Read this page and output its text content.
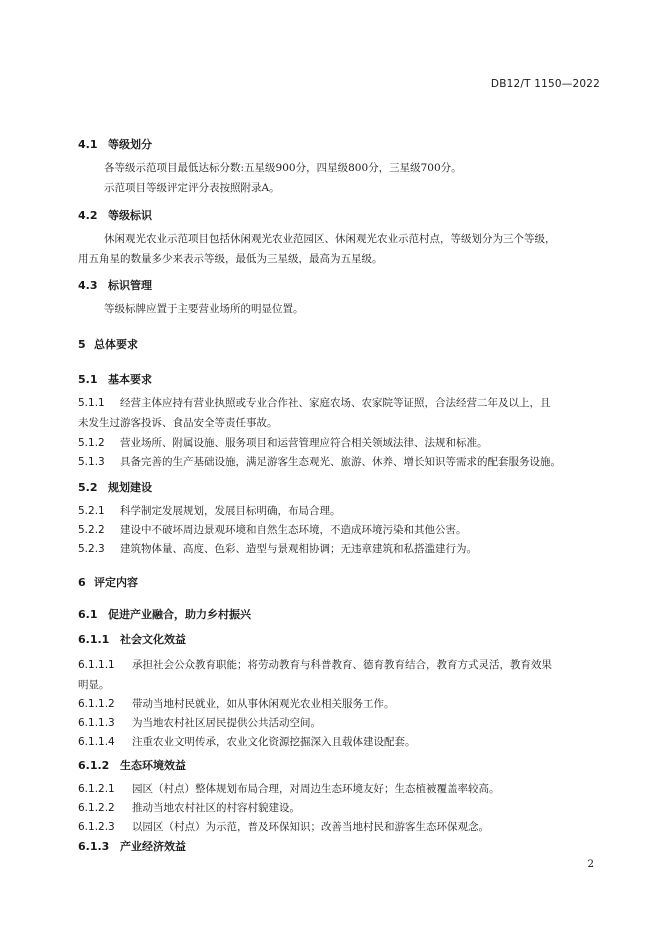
DB12/T 1150—2022
4.1 等级划分
各等级示范项目最低达标分数:五星级900分，四星级800分，三星级700分。
示范项目等级评定评分表按照附录A。
4.2 等级标识
休闲观光农业示范项目包括休闲观光农业范园区、休闲观光农业示范村点，等级划分为三个等级，
用五角星的数量多少来表示等级，最低为三星级，最高为五星级。
4.3 标识管理
等级标牌应置于主要营业场所的明显位置。
5 总体要求
5.1 基本要求
5.1.1 经营主体应持有营业执照或专业合作社、家庭农场、农家院等证照，合法经营二年及以上，且
未发生过游客投诉、食品安全等责任事故。
5.1.2 营业场所、附属设施、服务项目和运营管理应符合相关领域法律、法规和标准。
5.1.3 具备完善的生产基础设施，满足游客生态观光、旅游、休养、增长知识等需求的配套服务设施。
5.2 规划建设
5.2.1 科学制定发展规划，发展目标明确，布局合理。
5.2.2 建设中不破坏周边景观环境和自然生态环境，不造成环境污染和其他公害。
5.2.3 建筑物体量、高度、色彩、造型与景观相协调；无违章建筑和私搭滥建行为。
6 评定内容
6.1 促进产业融合，助力乡村振兴
6.1.1 社会文化效益
6.1.1.1 承担社会公众教育职能；将劳动教育与科普教育、德育教育结合，教育方式灵活，教育效果
明显。
6.1.1.2 带动当地村民就业，如从事休闲观光农业相关服务工作。
6.1.1.3 为当地农村社区居民提供公共活动空间。
6.1.1.4 注重农业文明传承，农业文化资源挖掘深入且载体建设配套。
6.1.2 生态环境效益
6.1.2.1 园区（村点）整体规划布局合理，对周边生态环境友好；生态植被覆盖率较高。
6.1.2.2 推动当地农村社区的村容村貌建设。
6.1.2.3 以园区（村点）为示范，普及环保知识；改善当地村民和游客生态环保观念。
6.1.3 产业经济效益
2
